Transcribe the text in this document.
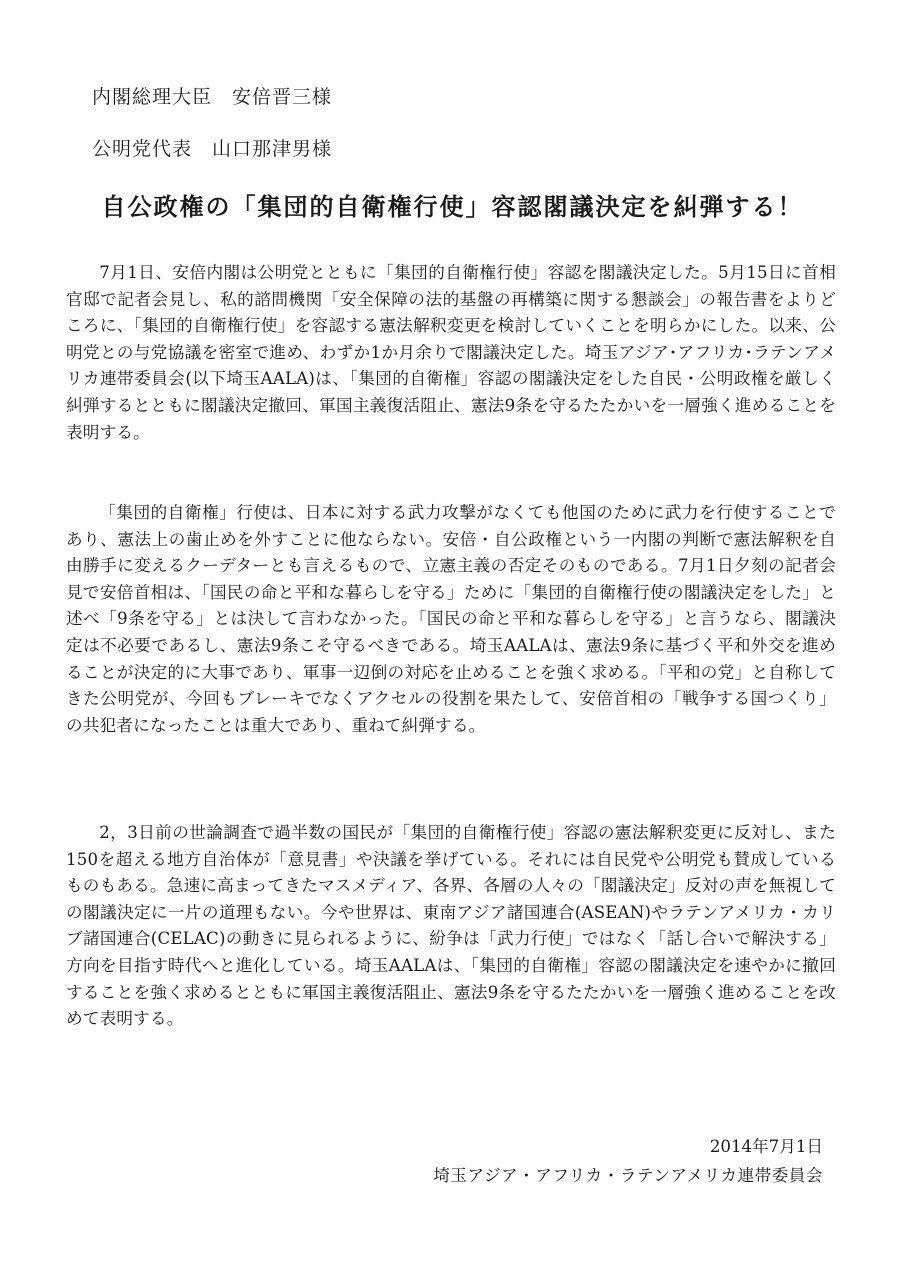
内閣総理大臣　安倍晋三様
公明党代表　山口那津男様
自公政権の「集団的自衛権行使」容認閣議決定を糾弾する！

7月1日、安倍内閣は公明党とともに「集団的自衛権行使」容認を閣議決定した。5月15日に首相官邸で記者会見し、私的諮問機関「安全保障の法的基盤の再構築に関する懇談会」の報告書をよりどころに、「集団的自衛権行使」を容認する憲法解釈変更を検討していくことを明らかにした。以来、公明党との与党協議を密室で進め、わずか1か月余りで閣議決定した。埼玉アジア･アフリカ･ラテンアメリカ連帯委員会(以下埼玉AALA)は、「集団的自衛権」容認の閣議決定をした自民・公明政権を厳しく糾弾するとともに閣議決定撤回、軍国主義復活阻止、憲法9条を守るたたかいを一層強く進めることを表明する。

「集団的自衛権」行使は、日本に対する武力攻撃がなくても他国のために武力を行使することであり、憲法上の歯止めを外すことに他ならない。安倍・自公政権という一内閣の判断で憲法解釈を自由勝手に変えるクーデターとも言えるもので、立憲主義の否定そのものである。7月1日夕刻の記者会見で安倍首相は、「国民の命と平和な暮らしを守る」ために「集団的自衛権行使の閣議決定をした」と述べ「9条を守る」とは決して言わなかった。「国民の命と平和な暮らしを守る」と言うなら、閣議決定は不必要であるし、憲法9条こそ守るべきである。埼玉AALAは、憲法9条に基づく平和外交を進めることが決定的に大事であり、軍事一辺倒の対応を止めることを強く求める。「平和の党」と自称してきた公明党が、今回もブレーキでなくアクセルの役割を果たして、安倍首相の「戦争する国つくり」の共犯者になったことは重大であり、重ねて糾弾する。

2，3日前の世論調査で過半数の国民が「集団的自衛権行使」容認の憲法解釈変更に反対し、また150を超える地方自治体が「意見書」や決議を挙げている。それには自民党や公明党も賛成しているものもある。急速に高まってきたマスメディア、各界、各層の人々の「閣議決定」反対の声を無視しての閣議決定に一片の道理もない。今や世界は、東南アジア諸国連合(ASEAN)やラテンアメリカ・カリブ諸国連合(CELAC)の動きに見られるように、紛争は「武力行使」ではなく「話し合いで解決する」方向を目指す時代へと進化している。埼玉AALAは、「集団的自衛権」容認の閣議決定を速やかに撤回することを強く求めるとともに軍国主義復活阻止、憲法9条を守るたたかいを一層強く進めることを改めて表明する。

2014年7月1日
埼玉アジア・アフリカ・ラテンアメリカ連帯委員会
